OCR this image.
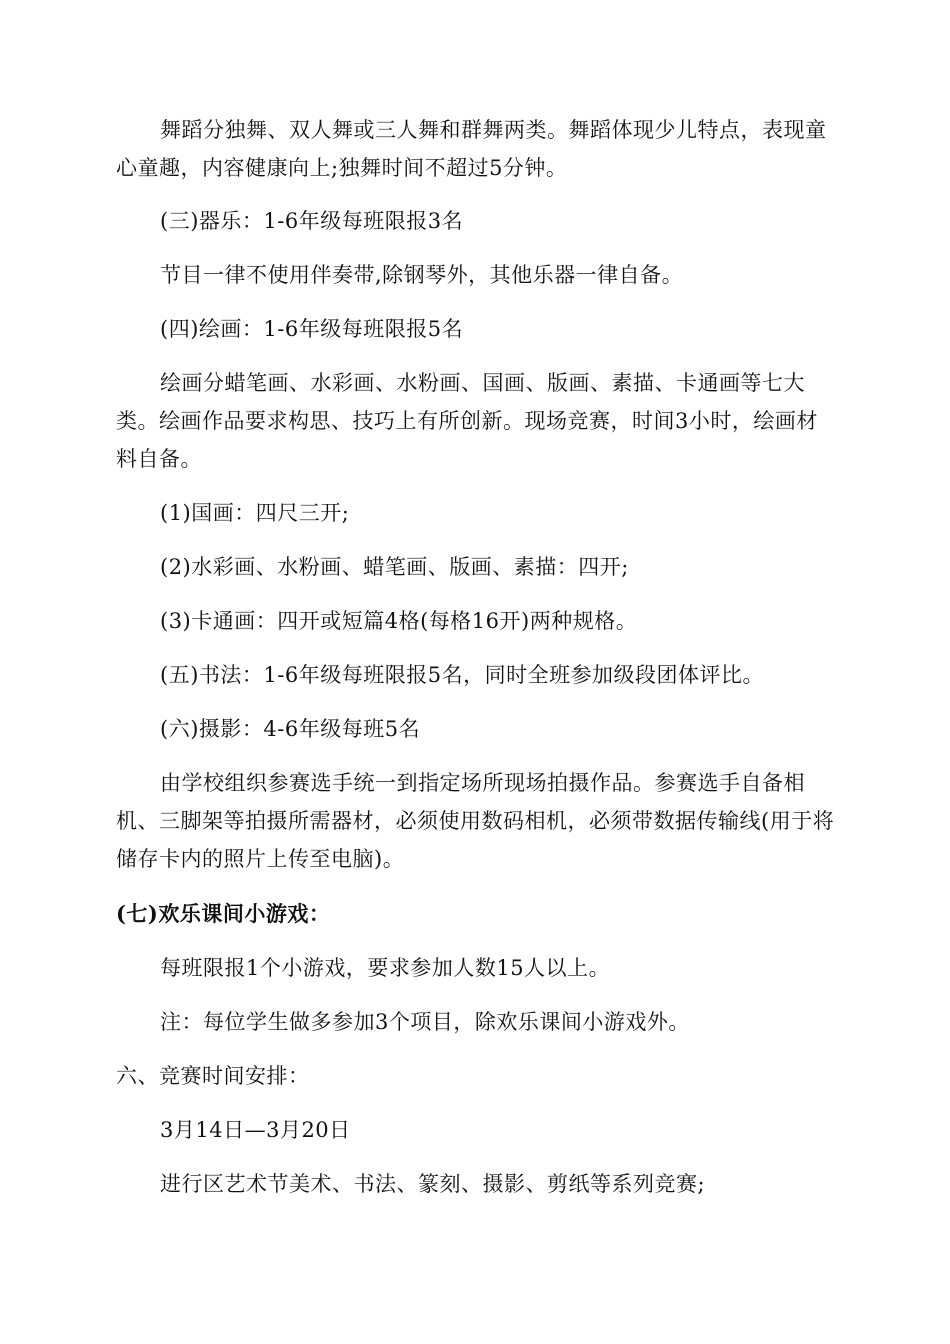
舞蹈分独舞、双人舞或三人舞和群舞两类。舞蹈体现少儿特点，表现童心童趣，内容健康向上;独舞时间不超过5分钟。

(三)器乐：1-6年级每班限报3名

节目一律不使用伴奏带,除钢琴外，其他乐器一律自备。

(四)绘画：1-6年级每班限报5名

绘画分蜡笔画、水彩画、水粉画、国画、版画、素描、卡通画等七大类。绘画作品要求构思、技巧上有所创新。现场竞赛，时间3小时，绘画材料自备。

(1)国画：四尺三开;

(2)水彩画、水粉画、蜡笔画、版画、素描：四开;

(3)卡通画：四开或短篇4格(每格16开)两种规格。

(五)书法：1-6年级每班限报5名，同时全班参加级段团体评比。

(六)摄影：4-6年级每班5名

由学校组织参赛选手统一到指定场所现场拍摄作品。参赛选手自备相机、三脚架等拍摄所需器材，必须使用数码相机，必须带数据传输线(用于将储存卡内的照片上传至电脑)。

(七)欢乐课间小游戏：

每班限报1个小游戏，要求参加人数15人以上。

注：每位学生做多参加3个项目，除欢乐课间小游戏外。

六、竞赛时间安排：

3月14日—3月20日

进行区艺术节美术、书法、篆刻、摄影、剪纸等系列竞赛;
